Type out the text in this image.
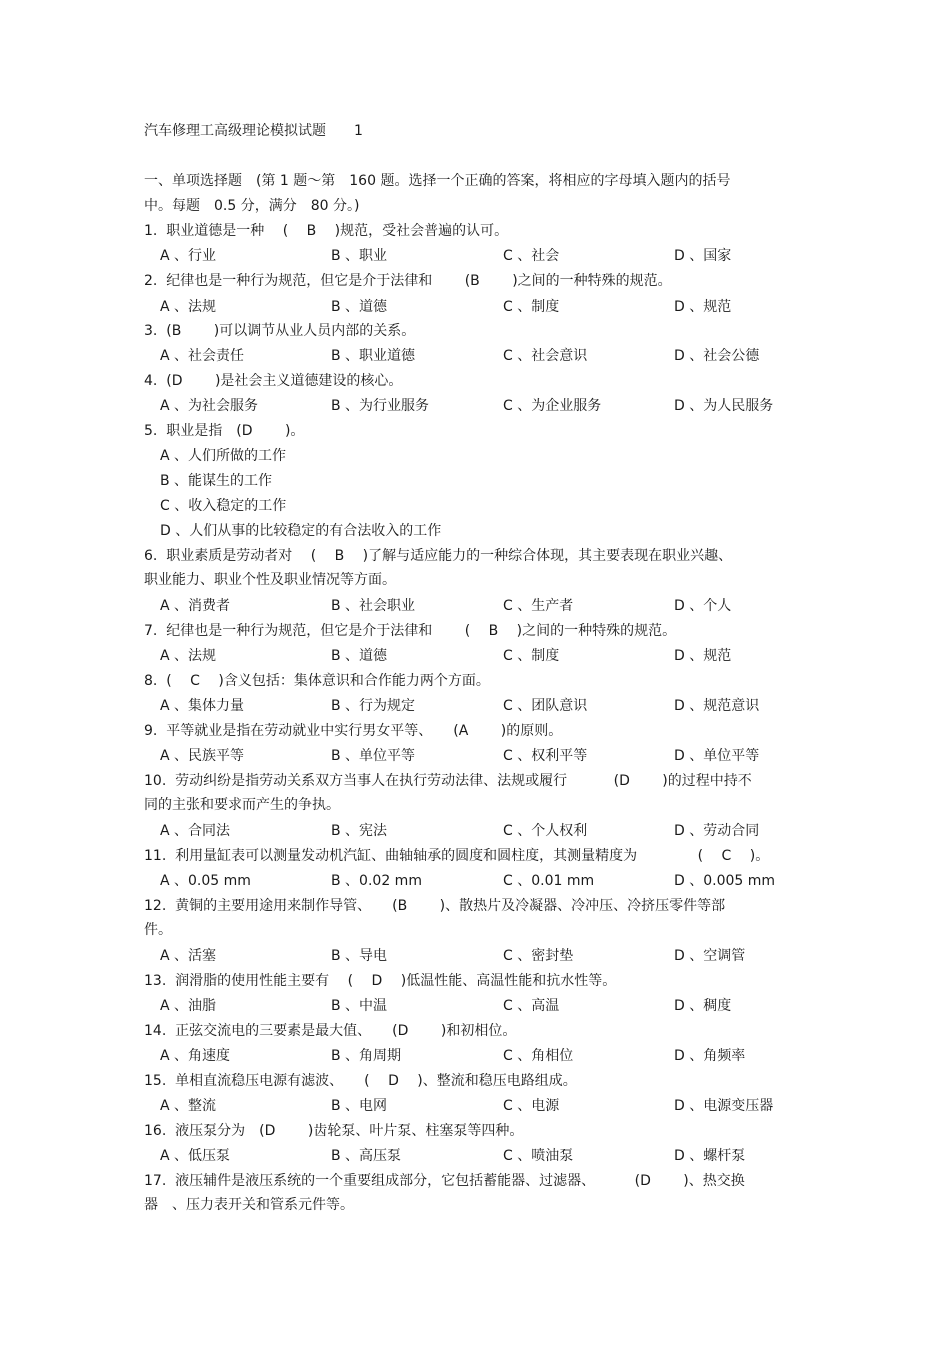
汽车修理工高级理论模拟试题　　1
一、单项选择题　(第 1 题～第　160 题。选择一个正确的答案，将相应的字母填入题内的括号
中。每题　0.5 分，满分　80 分。)
1.  职业道德是一种　 (　 B　 )规范，受社会普遍的认可。
A 、行业	B 、职业	C 、社会	D 、国家
2.  纪律也是一种行为规范，但它是介于法律和　　 (B　　 )之间的一种特殊的规范。
A 、法规	B 、道德	C 、制度	D 、规范
3.  (B　　 )可以调节从业人员内部的关系。
A 、社会责任	B 、职业道德	C 、社会意识	D 、社会公德
4.  (D　　 )是社会主义道德建设的核心。
A 、为社会服务	B 、为行业服务	C 、为企业服务	D 、为人民服务
5.  职业是指　(D　　 )。
A 、人们所做的工作
B 、能谋生的工作
C 、收入稳定的工作
D 、人们从事的比较稳定的有合法收入的工作
6.  职业素质是劳动者对　 (　 B　 )了解与适应能力的一种综合体现，其主要表现在职业兴趣、
职业能力、职业个性及职业情况等方面。
A 、消费者	B 、社会职业	C 、生产者	D 、个人
7.  纪律也是一种行为规范，但它是介于法律和　　 (　 B　 )之间的一种特殊的规范。
A 、法规	B 、道德	C 、制度	D 、规范
8.  (　 C　 )含义包括：集体意识和合作能力两个方面。
A 、集体力量	B 、行为规定	C 、团队意识	D 、规范意识
9.  平等就业是指在劳动就业中实行男女平等、　　(A　　 )的原则。
A 、民族平等	B 、单位平等	C 、权利平等	D 、单位平等
10.  劳动纠纷是指劳动关系双方当事人在执行劳动法律、法规或履行　　　 (D　　 )的过程中持不
同的主张和要求而产生的争执。
A 、合同法	B 、宪法	C 、个人权利	D 、劳动合同
11.  利用量缸表可以测量发动机汽缸、曲轴轴承的圆度和圆柱度，其测量精度为　　　　 (　 C　 )。
A 、0.05 mm	B 、0.02 mm	C 、0.01 mm	D 、0.005 mm
12.  黄铜的主要用途用来制作导管、　　(B　　 )、散热片及冷凝器、冷冲压、冷挤压零件等部
件。
A 、活塞	B 、导电	C 、密封垫	D 、空调管
13.  润滑脂的使用性能主要有　 (　 D　 )低温性能、高温性能和抗水性等。
A 、油脂	B 、中温	C 、高温	D 、稠度
14.  正弦交流电的三要素是最大值、　　(D　　 )和初相位。
A 、角速度	B 、角周期	C 、角相位	D 、角频率
15.  单相直流稳压电源有滤波、　　(　 D　 )、整流和稳压电路组成。
A 、整流	B 、电网	C 、电源	D 、电源变压器
16.  液压泵分为　(D　　 )齿轮泵、叶片泵、柱塞泵等四种。
A 、低压泵	B 、高压泵	C 、喷油泵	D 、螺杆泵
17.  液压辅件是液压系统的一个重要组成部分，它包括蓄能器、过滤器、　　　 (D　　 )、热交换
器　、压力表开关和管系元件等。
